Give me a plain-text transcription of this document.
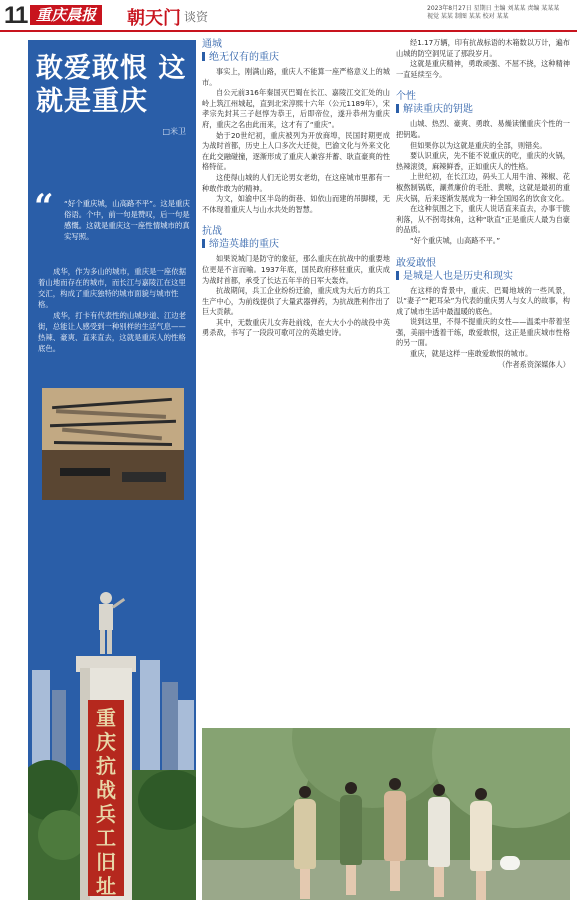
11 重庆晨报	朝天门 谈资
2023年8月27日 星期日 主编 刘某某 责编 某某某 视觉 某某 制图 某某 校对 某某
敢爱敢恨 这就是重庆
□米卫
“ “好个重庆城，山高路不平”。这是重庆俗语。个中，前一句是赞叹，后一句是感慨。这就是重庆这一座性情城市的真实写照。

成华，作为多山的城市，重庆是一座依据着山地而存在的城市，而长江与嘉陵江在这里交汇，构成了重庆独特的城市面貌与城市性格。

成华，打卡有代表性的山城步道、江边老街，总能让人感受到一种别样的生活气息——热辣、豪爽、直来直去，这就是重庆人的性格底色。

重庆抗战兵工旧址
通城
绝无仅有的重庆

事实上，刚满山路，重庆人不能算一座严格意义上的城市。

自公元前316年秦国灭巴蜀在长江、嘉陵江交汇处的山岭上筑江州城起，直到北宋淳熙十六年（公元1189年），宋孝宗先封其三子赵惇为恭王，后即帝位，遂升恭州为重庆府，重庆之名由此而来，这才有了“重庆”。

始于20世纪初，重庆被列为开放商埠，民国时期更成为战时首都，历史上人口多次大迁徙，巴渝文化与外来文化在此交融碰撞，逐渐形成了重庆人兼容并蓄、耿直豪爽的性格特征。

这使得山城的人们无论男女老幼，在这座城市里都有一种敢作敢为的精神。

为文，如渝中区半岛的街巷、如依山而建的吊脚楼，无不体现着重庆人与山水共处的智慧。

抗战
缔造英雄的重庆

如果说城门是防守的象征，那么重庆在抗战中的重要地位更是不言而喻。1937年底，国民政府移驻重庆，重庆成为战时首都，承受了长达五年半的日军大轰炸。

抗战期间，兵工企业纷纷迁渝，重庆成为大后方的兵工生产中心，为前线提供了大量武器弹药，为抗战胜利作出了巨大贡献。

其中，无数重庆儿女奔赴前线，在大大小小的战役中英勇杀敌，书写了一段段可歌可泣的英雄史诗。

经1.17万辆，印有抗战标语的木箱数以万计，遍布山城的防空洞见证了那段岁月。

这就是重庆精神，勇敢顽强、不屈不挠，这种精神一直延续至今。

个性
解读重庆的钥匙

山城、热烈、豪爽、勇敢、易燥读懂重庆个性的一把钥匙。

但如果你以为这就是重庆的全部，则错矣。

要认识重庆，先不能不说重庆的吃，重庆的火锅，热辣滚烫，麻辣鲜香，正如重庆人的性格。

上世纪初，在长江边，码头工人用牛油、辣椒、花椒熬制锅底，涮煮廉价的毛肚、黄喉，这就是最初的重庆火锅，后来逐渐发展成为一种全国闻名的饮食文化。

在这种氛围之下，重庆人说话直来直去，办事干脆利落，从不拐弯抹角，这种“耿直”正是重庆人最为自豪的品质。

“好个重庆城，山高路不平。”

敢爱敢恨
是城是人也是历史和现实

在这样的背景中，重庆、巴蜀地域的一些风景，以“妻子”“耙耳朵”为代表的重庆男人与女人的故事，构成了城市生活中最温暖的底色。

说到这里，不得不提重庆的女性——温柔中带着坚强，美丽中透着干练，敢爱敢恨，这正是重庆城市性格的另一面。

重庆，就是这样一座敢爱敢恨的城市。

（作者系资深媒体人）
